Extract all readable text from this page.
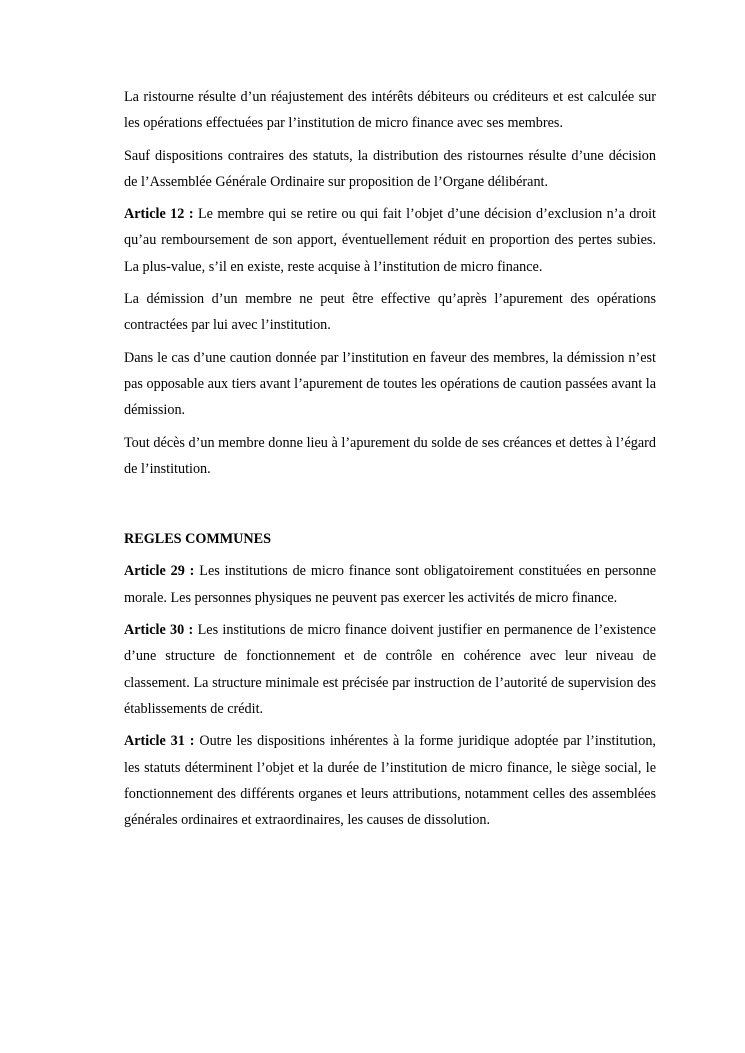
La ristourne résulte d’un réajustement des intérêts débiteurs ou créditeurs et est calculée sur les opérations effectuées par l’institution de micro finance avec ses membres.

Sauf dispositions contraires des statuts, la distribution des ristournes résulte d’une décision de l’Assemblée Générale Ordinaire sur proposition de l’Organe délibérant.

Article 12 : Le membre qui se retire ou qui fait l’objet d’une décision d’exclusion n’a droit qu’au remboursement de son apport, éventuellement réduit en proportion des pertes subies. La plus-value, s’il en existe, reste acquise à l’institution de micro finance.

La démission d’un membre ne peut être effective qu’après l’apurement des opérations contractées par lui avec l’institution.

Dans le cas d’une caution donnée par l’institution en faveur des membres, la démission n’est pas opposable aux tiers avant l’apurement de toutes les opérations de caution passées avant la démission.

Tout décès d’un membre donne lieu à l’apurement du solde de ses créances et dettes à l’égard de l’institution.

REGLES COMMUNES

Article 29 : Les institutions de micro finance sont obligatoirement constituées en personne morale. Les personnes physiques ne peuvent pas exercer les activités de micro finance.

Article 30 : Les institutions de micro finance doivent justifier en permanence de l’existence d’une structure de fonctionnement et de contrôle en cohérence avec leur niveau de classement. La structure minimale est précisée par instruction de l’autorité de supervision des établissements de crédit.

Article 31 : Outre les dispositions inhérentes à la forme juridique adoptée par l’institution, les statuts déterminent l’objet et la durée de l’institution de micro finance, le siège social, le fonctionnement des différents organes et leurs attributions, notamment celles des assemblées générales ordinaires et extraordinaires, les causes de dissolution.
